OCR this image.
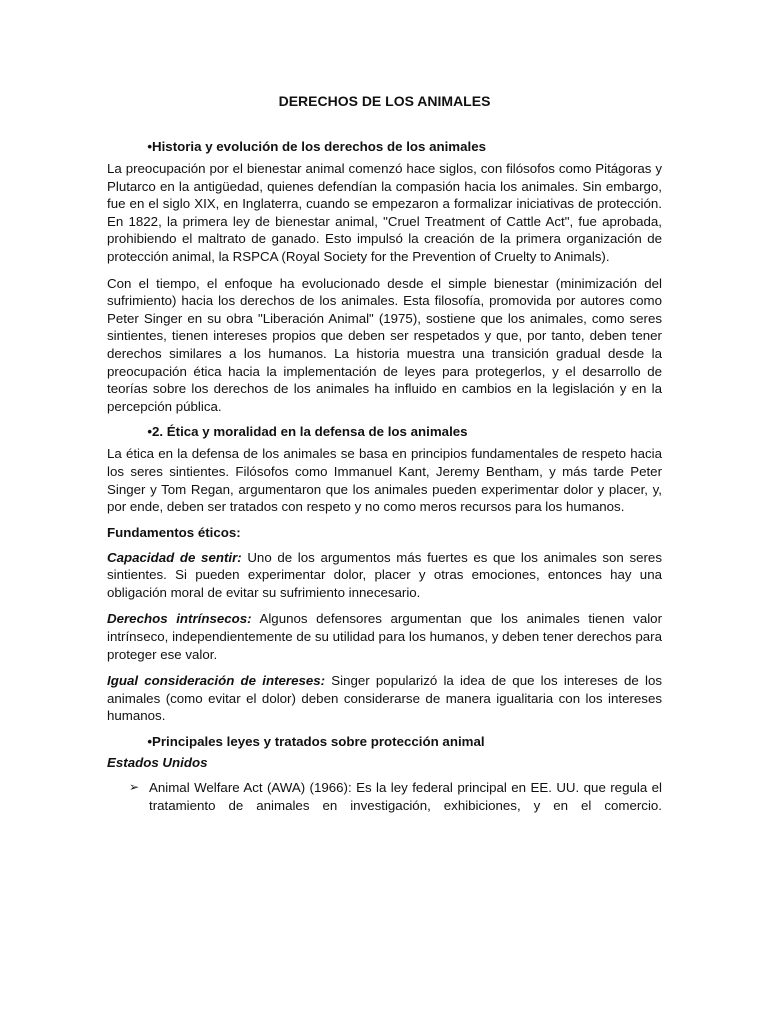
DERECHOS DE LOS ANIMALES
• Historia y evolución de los derechos de los animales

La preocupación por el bienestar animal comenzó hace siglos, con filósofos como Pitágoras y Plutarco en la antigüedad, quienes defendían la compasión hacia los animales. Sin embargo, fue en el siglo XIX, en Inglaterra, cuando se empezaron a formalizar iniciativas de protección. En 1822, la primera ley de bienestar animal, "Cruel Treatment of Cattle Act", fue aprobada, prohibiendo el maltrato de ganado. Esto impulsó la creación de la primera organización de protección animal, la RSPCA (Royal Society for the Prevention of Cruelty to Animals).

Con el tiempo, el enfoque ha evolucionado desde el simple bienestar (minimización del sufrimiento) hacia los derechos de los animales. Esta filosofía, promovida por autores como Peter Singer en su obra "Liberación Animal" (1975), sostiene que los animales, como seres sintientes, tienen intereses propios que deben ser respetados y que, por tanto, deben tener derechos similares a los humanos. La historia muestra una transición gradual desde la preocupación ética hacia la implementación de leyes para protegerlos, y el desarrollo de teorías sobre los derechos de los animales ha influido en cambios en la legislación y en la percepción pública.

• 2. Ética y moralidad en la defensa de los animales

La ética en la defensa de los animales se basa en principios fundamentales de respeto hacia los seres sintientes. Filósofos como Immanuel Kant, Jeremy Bentham, y más tarde Peter Singer y Tom Regan, argumentaron que los animales pueden experimentar dolor y placer, y, por ende, deben ser tratados con respeto y no como meros recursos para los humanos.

Fundamentos éticos:

Capacidad de sentir: Uno de los argumentos más fuertes es que los animales son seres sintientes. Si pueden experimentar dolor, placer y otras emociones, entonces hay una obligación moral de evitar su sufrimiento innecesario.

Derechos intrínsecos: Algunos defensores argumentan que los animales tienen valor intrínseco, independientemente de su utilidad para los humanos, y deben tener derechos para proteger ese valor.

Igual consideración de intereses: Singer popularizó la idea de que los intereses de los animales (como evitar el dolor) deben considerarse de manera igualitaria con los intereses humanos.

• Principales leyes y tratados sobre protección animal
Estados Unidos
➢ Animal Welfare Act (AWA) (1966): Es la ley federal principal en EE. UU. que regula el tratamiento de animales en investigación, exhibiciones, y en el comercio.
